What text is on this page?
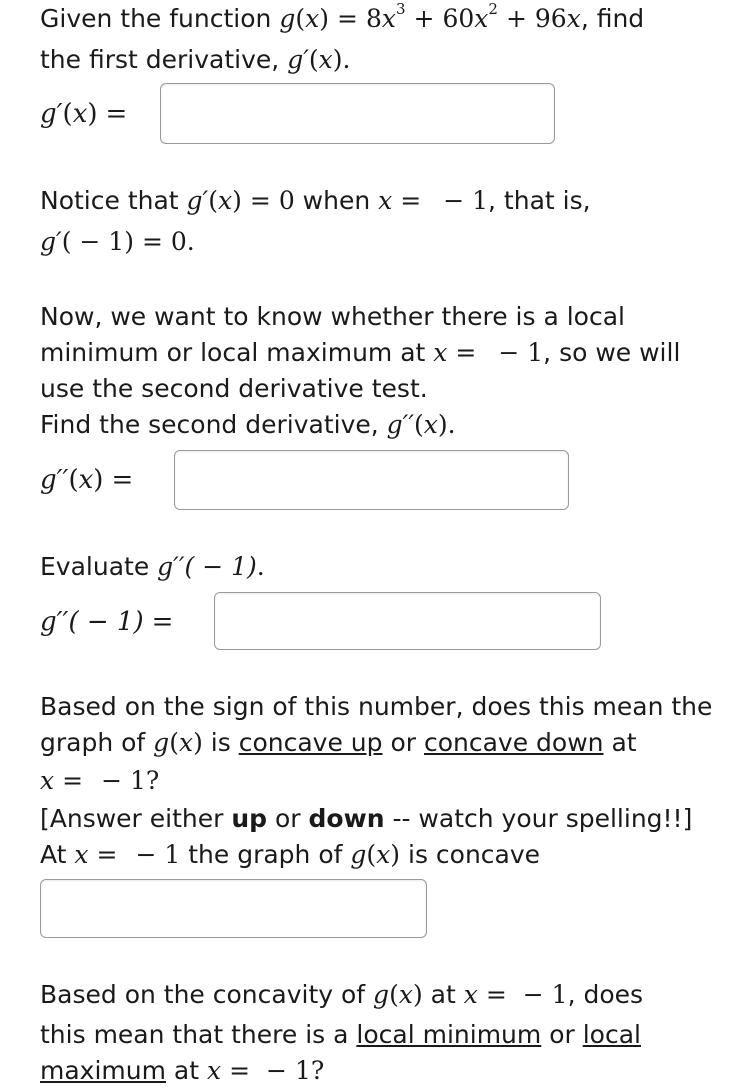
Given the function $g(x) = 8x^3 + 60x^2 + 96x$, find
the first derivative, g′(x).
g′(x) =
Notice that g′(x) = 0 when x = − 1, that is,
g′( − 1) = 0.
Now, we want to know whether there is a local
minimum or local maximum at x = − 1, so we will
use the second derivative test.
Find the second derivative, g′′(x).
g′′(x) =
Evaluate g′′( − 1).
g′′( − 1) =
Based on the sign of this number, does this mean the
graph of g(x) is concave up or concave down at
x = − 1?
[Answer either up or down -- watch your spelling!!]
At x = − 1 the graph of g(x) is concave
Based on the concavity of g(x) at x = − 1, does
this mean that there is a local minimum or local
maximum at x = − 1?
